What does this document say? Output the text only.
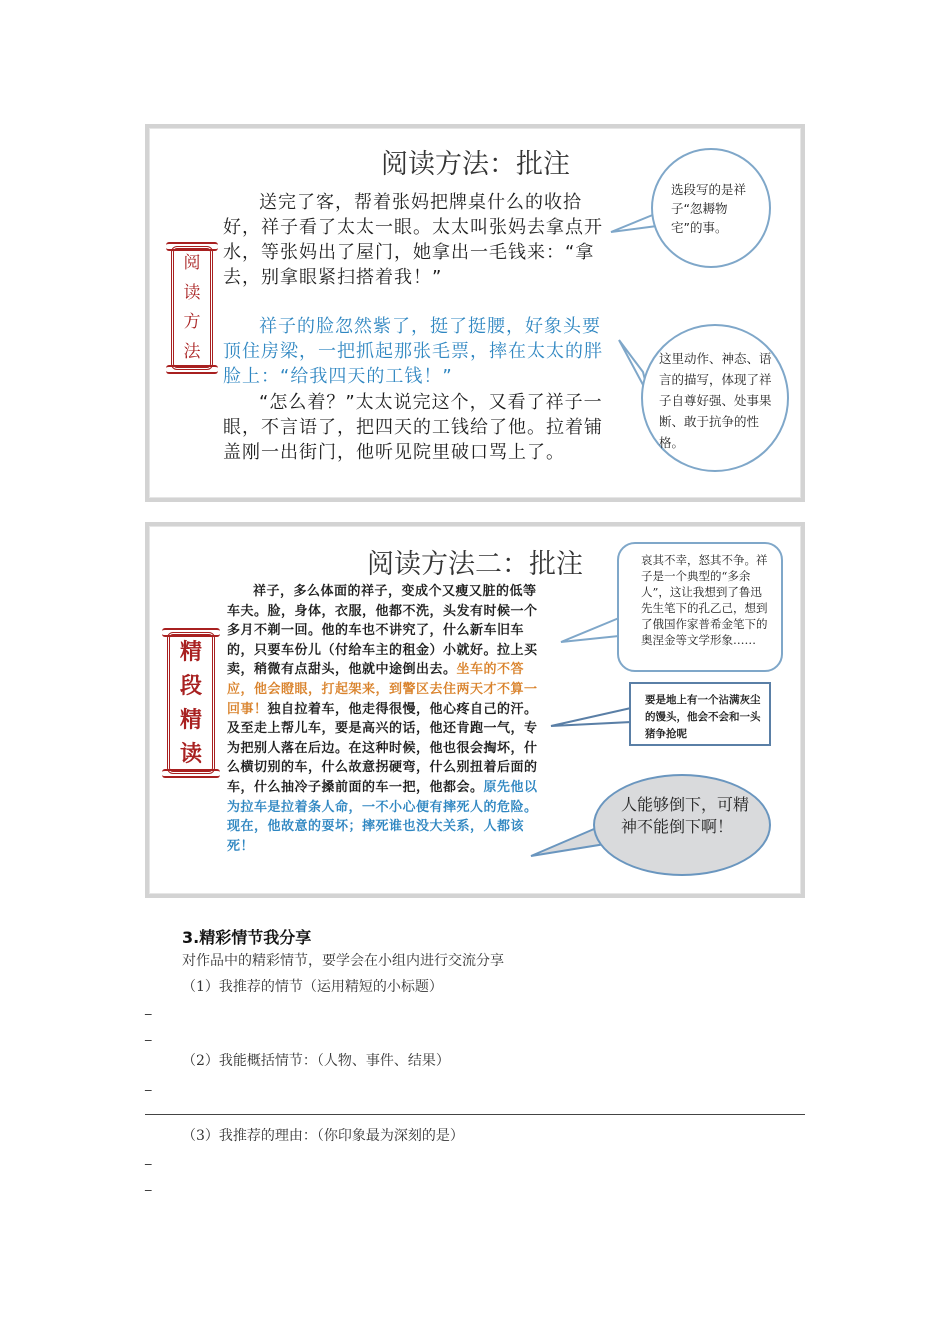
阅读方法：批注
阅
读
方
法

送完了客，帮着张妈把牌桌什么的收拾好，祥子看了太太一眼。太太叫张妈去拿点开水，等张妈出了屋门，她拿出一毛钱来：“拿去，别拿眼紧扫搭着我！”

祥子的脸忽然紫了，挺了挺腰，好象头要顶住房梁，一把抓起那张毛票，摔在太太的胖脸上：“给我四天的工钱！”

“怎么着？”太太说完这个，又看了祥子一眼，不言语了，把四天的工钱给了他。拉着铺盖刚一出街门，他听见院里破口骂上了。

选段写的是祥子“忽耨物宅”的事。
这里动作、神态、语言的描写，体现了祥子自尊好强、处事果断、敢于抗争的性格。
阅读方法二：批注
精
段
精
读

祥子，多么体面的祥子，变成个又瘦又脏的低等车夫。脸，身体，衣服，他都不洗，头发有时候一个多月不剃一回。他的车也不讲究了，什么新车旧车的，只要车份儿（付给车主的租金）小就好。拉上买卖，稍微有点甜头，他就中途倒出去。坐车的不答应，他会瞪眼，打起架来，到警区去住两天才不算一回事！独自拉着车，他走得很慢，他心疼自己的汗。及至走上帮儿车，要是高兴的话，他还肯跑一气，专为把别人落在后边。在这种时候，他也很会掏坏，什么横切别的车，什么故意拐硬弯，什么别扭着后面的车，什么抽冷子搡前面的车一把，他都会。原先他以为拉车是拉着条人命，一不小心便有摔死人的危险。现在，他故意的耍坏；摔死谁也没大关系，人都该死！

哀其不幸，怒其不争。祥子是一个典型的“多余人”，这让我想到了鲁迅先生笔下的孔乙己，想到了俄国作家普希金笔下的奥涅金等文学形象……
要是地上有一个沾满灰尘的馒头，他会不会和一头猪争抢呢
人能够倒下，可精神不能倒下啊！
3.精彩情节我分享
对作品中的精彩情节，要学会在小组内进行交流分享
（1）我推荐的情节（运用精短的小标题）
_
_
（2）我能概括情节：（人物、事件、结果）
_
（3）我推荐的理由：（你印象最为深刻的是）
_
_
